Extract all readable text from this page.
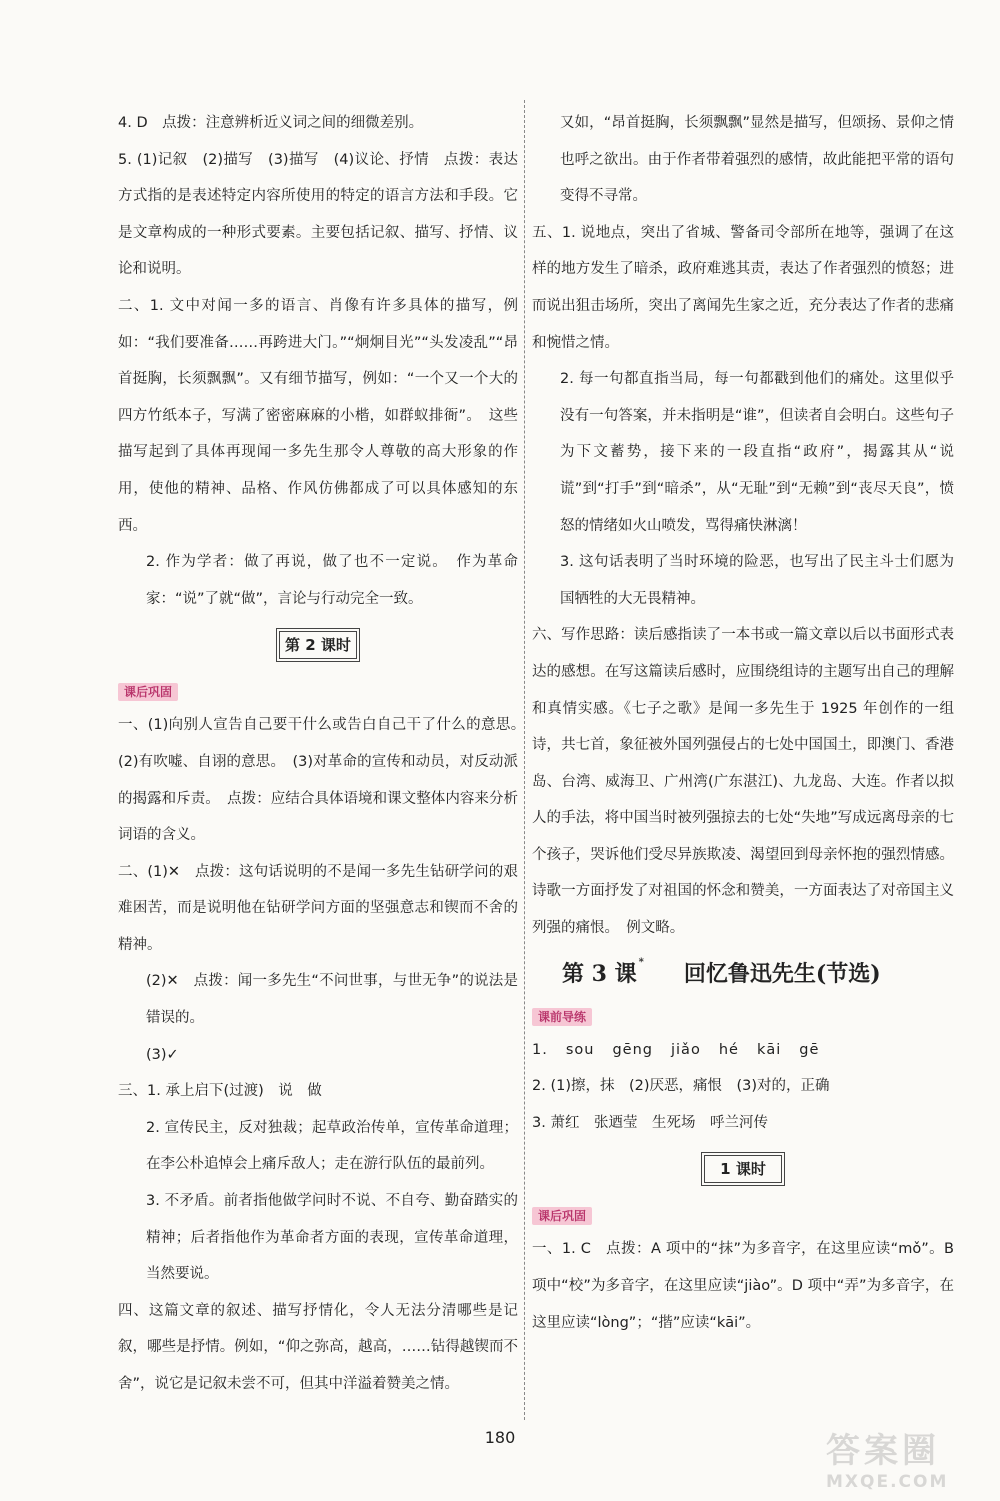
4. D　点拨：注意辨析近义词之间的细微差别。

5. (1)记叙　(2)描写　(3)描写　(4)议论、抒情　点拨：表达方式指的是表述特定内容所使用的特定的语言方法和手段。它是文章构成的一种形式要素。主要包括记叙、描写、抒情、议论和说明。

二、1. 文中对闻一多的语言、肖像有许多具体的描写，例如：“我们要准备……再跨进大门。”“炯炯目光”“头发凌乱”“昂首挺胸，长须飘飘”。又有细节描写，例如：“一个又一个大的四方竹纸本子，写满了密密麻麻的小楷，如群蚁排衙”。　这些描写起到了具体再现闻一多先生那令人尊敬的高大形象的作用，使他的精神、品格、作风仿佛都成了可以具体感知的东西。

2. 作为学者：做了再说，做了也不一定说。　作为革命家：“说”了就“做”，言论与行动完全一致。

第 2 课时
课后巩固

一、(1)向别人宣告自己要干什么或告白自己干了什么的意思。　(2)有吹嘘、自诩的意思。　(3)对革命的宣传和动员，对反动派的揭露和斥责。　点拨：应结合具体语境和课文整体内容来分析词语的含义。

二、(1)✕　点拨：这句话说明的不是闻一多先生钻研学问的艰难困苦，而是说明他在钻研学问方面的坚强意志和锲而不舍的精神。

(2)✕　点拨：闻一多先生“不问世事，与世无争”的说法是错误的。

(3)✓

三、1. 承上启下(过渡)　说　做

2. 宣传民主，反对独裁；起草政治传单，宣传革命道理；在李公朴追悼会上痛斥敌人；走在游行队伍的最前列。

3. 不矛盾。前者指他做学问时不说、不自夸、勤奋踏实的精神；后者指他作为革命者方面的表现，宣传革命道理，当然要说。

四、这篇文章的叙述、描写抒情化，令人无法分清哪些是记叙，哪些是抒情。例如，“仰之弥高，越高，……钻得越锲而不舍”，说它是记叙未尝不可，但其中洋溢着赞美之情。

又如，“昂首挺胸，长须飘飘”显然是描写，但颂扬、景仰之情也呼之欲出。由于作者带着强烈的感情，故此能把平常的语句变得不寻常。

五、1. 说地点，突出了省城、警备司令部所在地等，强调了在这样的地方发生了暗杀，政府难逃其责，表达了作者强烈的愤怒；进而说出狙击场所，突出了离闻先生家之近，充分表达了作者的悲痛和惋惜之情。

2. 每一句都直指当局，每一句都戳到他们的痛处。这里似乎没有一句答案，并未指明是“谁”，但读者自会明白。这些句子为下文蓄势，接下来的一段直指“政府”，揭露其从“说谎”到“打手”到“暗杀”，从“无耻”到“无赖”到“丧尽天良”，愤怒的情绪如火山喷发，骂得痛快淋漓！

3. 这句话表明了当时环境的险恶，也写出了民主斗士们愿为国牺牲的大无畏精神。

六、写作思路：读后感指读了一本书或一篇文章以后以书面形式表达的感想。在写这篇读后感时，应围绕组诗的主题写出自己的理解和真情实感。《七子之歌》是闻一多先生于 1925 年创作的一组诗，共七首，象征被外国列强侵占的七处中国国土，即澳门、香港岛、台湾、威海卫、广州湾(广东湛江)、九龙岛、大连。作者以拟人的手法，将中国当时被列强掠去的七处“失地”写成远离母亲的七个孩子，哭诉他们受尽异族欺凌、渴望回到母亲怀抱的强烈情感。诗歌一方面抒发了对祖国的怀念和赞美，一方面表达了对帝国主义列强的痛恨。　例文略。

第 3 课 * 回忆鲁迅先生(节选)
课前导练

1. sou gēng jiǎo hé kāi gē

2. (1)擦，抹　(2)厌恶，痛恨　(3)对的，正确

3. 萧红　张迺莹　生死场　呼兰河传

1 课时
课后巩固

一、1. C　点拨：A 项中的“抹”为多音字，在这里应读“mǒ”。B 项中“校”为多音字，在这里应读“jiào”。D 项中“弄”为多音字，在这里应读“lòng”；“揩”应读“kāi”。

180	答案圈
MXQE.COM
